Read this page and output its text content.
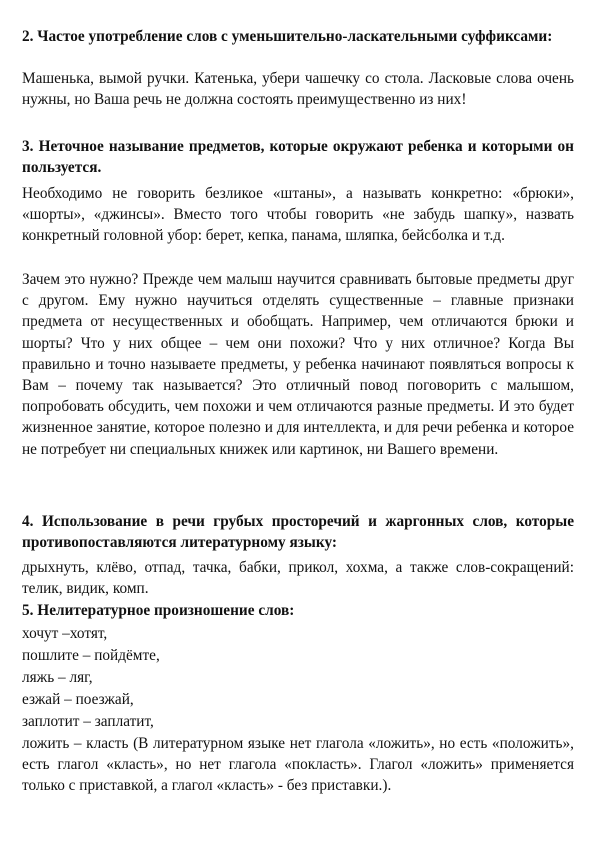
2. Частое употребление слов с уменьшительно-ласкательными суффиксами:

Машенька, вымой ручки. Катенька, убери чашечку со стола. Ласковые слова очень нужны, но Ваша речь не должна состоять преимущественно из них!

3. Неточное называние предметов, которые окружают ребенка и которыми он пользуется.

Необходимо не говорить безликое «штаны», а называть конкретно: «брюки», «шорты», «джинсы». Вместо того чтобы говорить «не забудь шапку», назвать конкретный головной убор: берет, кепка, панама, шляпка, бейсболка и т.д.

Зачем это нужно? Прежде чем малыш научится сравнивать бытовые предметы друг с другом. Ему нужно научиться отделять существенные – главные признаки предмета от несущественных и обобщать. Например, чем отличаются брюки и шорты? Что у них общее – чем они похожи? Что у них отличное? Когда Вы правильно и точно называете предметы, у ребенка начинают появляться вопросы к Вам – почему так называется? Это отличный повод поговорить с малышом, попробовать обсудить, чем похожи и чем отличаются разные предметы. И это будет жизненное занятие, которое полезно и для интеллекта, и для речи ребенка и которое не потребует ни специальных книжек или картинок, ни Вашего времени.

4. Использование в речи грубых просторечий и жаргонных слов, которые противопоставляются литературному языку:

дрыхнуть, клёво, отпад, тачка, бабки, прикол, хохма, а также слов-сокращений: телик, видик, комп.

5. Нелитературное произношение слов:

хочут –хотят,

пошлите – пойдёмте,

ляжь – ляг,

езжай – поезжай,

заплотит – заплатит,

ложить – класть (В литературном языке нет глагола «ложить», но есть «положить», есть глагол «класть», но нет глагола «покласть». Глагол «ложить» применяется только с приставкой, а глагол «класть» - без приставки.).
